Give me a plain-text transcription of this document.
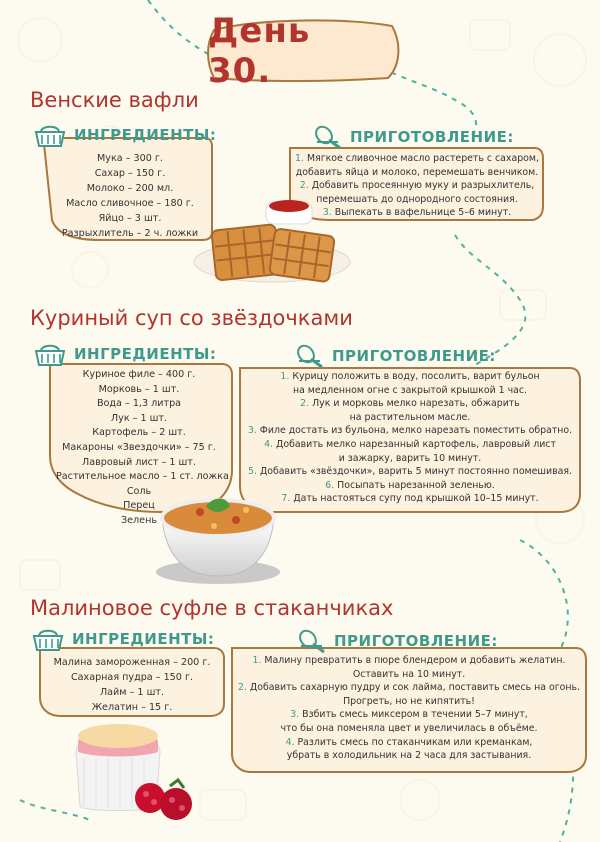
День 30.
Венские вафли
ИНГРЕДИЕНТЫ:
Мука – 300 г.
Сахар – 150 г.
Молоко – 200 мл.
Масло сливочное – 180 г.
Яйцо – 3 шт.
Разрыхлитель – 2 ч. ложки
ПРИГОТОВЛЕНИЕ:

1. Мягкое сливочное масло растереть с сахаром,

добавить яйца и молоко, перемешать венчиком.

2. Добавить просеянную муку и разрыхлитель,

перемешать до однородного состояния.

3. Выпекать в вафельнице 5–6 минут.

Куриный суп со звёздочками
ИНГРЕДИЕНТЫ:
Куриное филе – 400 г.
Морковь – 1 шт.
Вода – 1,3 литра
Лук – 1 шт.
Картофель – 2 шт.
Макароны «Звездочки» – 75 г.
Лавровый лист – 1 шт.
Растительное масло – 1 ст. ложка
Соль
Перец
Зелень
ПРИГОТОВЛЕНИЕ:

1. Курицу положить в воду, посолить, варит бульон

на медленном огне с закрытой крышкой 1 час.

2. Лук и морковь мелко нарезать, обжарить

на растительном масле.

3. Филе достать из бульона, мелко нарезать поместить обратно.

4. Добавить мелко нарезанный картофель, лавровый лист

и зажарку, варить 10 минут.

5. Добавить «звёздочки», варить 5 минут постоянно помешивая.

6. Посыпать нарезанной зеленью.

7. Дать настояться супу под крышкой 10–15 минут.

Малиновое суфле в стаканчиках
ИНГРЕДИЕНТЫ:
Малина замороженная – 200 г.
Сахарная пудра – 150 г.
Лайм – 1 шт.
Желатин – 15 г.
ПРИГОТОВЛЕНИЕ:

1. Малину превратить в пюре блендером и добавить желатин.

Оставить на 10 минут.

2. Добавить сахарную пудру и сок лайма, поставить смесь на огонь.

Прогреть, но не кипятить!

3. Взбить смесь миксером в течении 5–7 минут,

что бы она поменяла цвет и увеличилась в объёме.

4. Разлить смесь по стаканчикам или креманкам,

убрать в холодильник на 2 часа для застывания.
